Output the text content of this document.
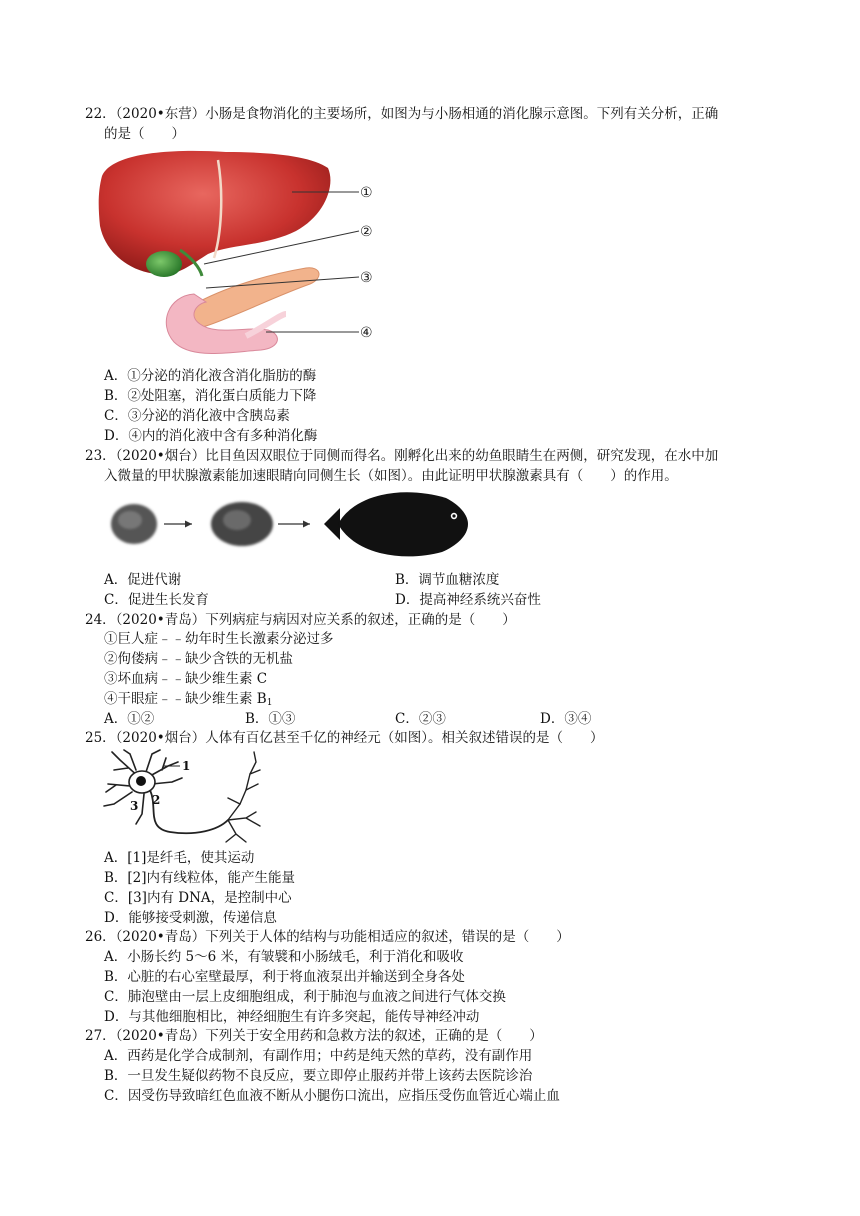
22．（2020•东营）小肠是食物消化的主要场所，如图为与小肠相通的消化腺示意图。下列有关分析，正确
的是（　　）
①
②
③
④
A．①分泌的消化液含消化脂肪的酶
B．②处阻塞，消化蛋白质能力下降
C．③分泌的消化液中含胰岛素
D．④内的消化液中含有多种消化酶
23．（2020•烟台）比目鱼因双眼位于同侧而得名。刚孵化出来的幼鱼眼睛生在两侧，研究发现，在水中加
入微量的甲状腺激素能加速眼睛向同侧生长（如图）。由此证明甲状腺激素具有（　　）的作用。
A．促进代谢	B．调节血糖浓度
C．促进生长发育	D．提高神经系统兴奋性
24．（2020•青岛）下列病症与病因对应关系的叙述，正确的是（　　）
①巨人症﹣﹣幼年时生长激素分泌过多
②佝偻病﹣﹣缺少含铁的无机盐
③坏血病﹣﹣缺少维生素 C
④干眼症﹣﹣缺少维生素 $B_1$
A．①②	B．①③	C．②③	D．③④
25．（2020•烟台）人体有百亿甚至千亿的神经元（如图）。相关叙述错误的是（　　）
1
2
3
A．[1]是纤毛，使其运动
B．[2]内有线粒体，能产生能量
C．[3]内有 DNA，是控制中心
D．能够接受刺激，传递信息
26．（2020•青岛）下列关于人体的结构与功能相适应的叙述，错误的是（　　）
A．小肠长约 5～6 米，有皱襞和小肠绒毛，利于消化和吸收
B．心脏的右心室壁最厚，利于将血液泵出并输送到全身各处
C．肺泡壁由一层上皮细胞组成，利于肺泡与血液之间进行气体交换
D．与其他细胞相比，神经细胞生有许多突起，能传导神经冲动
27．（2020•青岛）下列关于安全用药和急救方法的叙述，正确的是（　　）
A．西药是化学合成制剂，有副作用；中药是纯天然的草药，没有副作用
B．一旦发生疑似药物不良反应，要立即停止服药并带上该药去医院诊治
C．因受伤导致暗红色血液不断从小腿伤口流出，应指压受伤血管近心端止血
